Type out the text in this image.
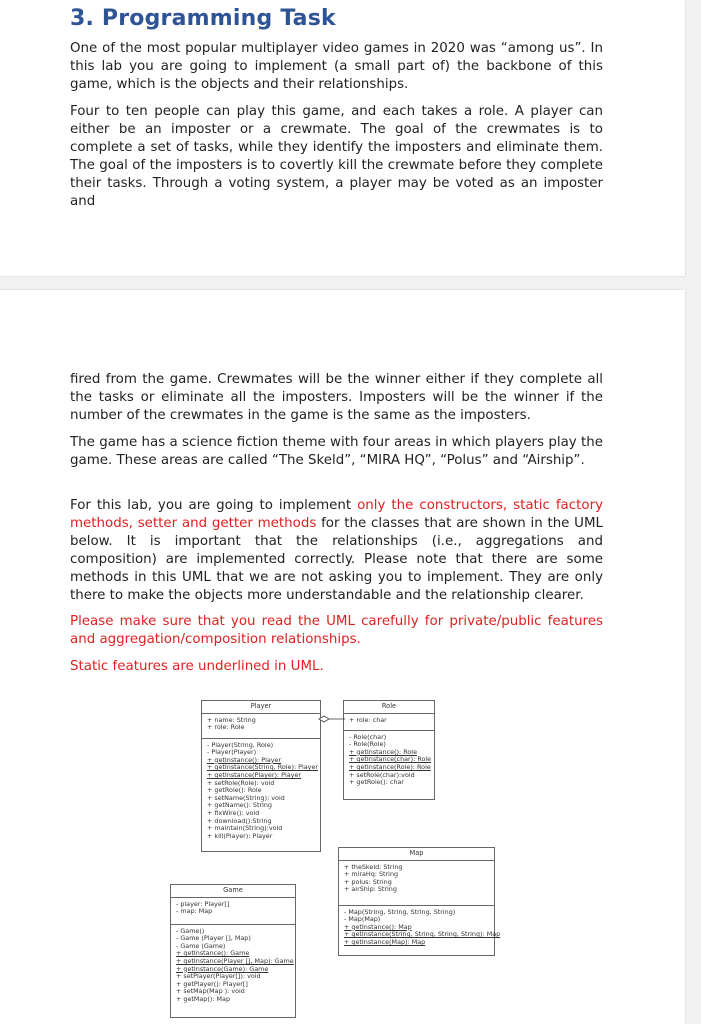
3. Programming Task

One of the most popular multiplayer video games in 2020 was “among us”. In this lab you are going to implement (a small part of) the backbone of this game, which is the objects and their relationships.

Four to ten people can play this game, and each takes a role. A player can either be an imposter or a crewmate. The goal of the crewmates is to complete a set of tasks, while they identify the imposters and eliminate them. The goal of the imposters is to covertly kill the crewmate before they complete their tasks. Through a voting system, a player may be voted as an imposter and

fired from the game. Crewmates will be the winner either if they complete all the tasks or eliminate all the imposters. Imposters will be the winner if the number of the crewmates in the game is the same as the imposters.

The game has a science fiction theme with four areas in which players play the game. These areas are called “The Skeld”, “MIRA HQ”, “Polus” and “Airship”.

For this lab, you are going to implement only the constructors, static factory methods, setter and getter methods for the classes that are shown in the UML below. It is important that the relationships (i.e., aggregations and composition) are implemented correctly. Please note that there are some methods in this UML that we are not asking you to implement. They are only there to make the objects more understandable and the relationship clearer.

Please make sure that you read the UML carefully for private/public features and aggregation/composition relationships.

Static features are underlined in UML.

Player
+ name: String
+ role: Role
- Player(String, Role)
- Player(Player)
+ getInstance(): Player
+ getInstance(String, Role): Player
+ getInstance(Player): Player
+ setRole(Role): void
+ getRole(): Role
+ setName(String): void
+ getName(): String
+ fixWire(): void
+ download():String
+ maintain(String):void
+ kill(Player): Player
Role
+ role: char
- Role(char)
- Role(Role)
+ getInstance(): Role
+ getInstance(char): Role
+ getInstance(Role): Role
+ setRole(char):void
+ getRole(): char
Map
+ theSkeld: String
+ miraHq: String
+ polus: String
+ airShip: String
- Map(String, String, String, String)
- Map(Map)
+ getInstance(): Map
+ getInstance(String, String, String, String): Map
+ getInstance(Map): Map
Game
- player: Player[]
- map: Map
- Game()
- Game (Player [], Map)
- Game (Game)
+ getInstance(): Game
+ getInstance(Player [], Map): Game
+ getInstance(Game): Game
+ setPlayer(Player[]): void
+ getPlayer(): Player[]
+ setMap(Map ): void
+ getMap(): Map
